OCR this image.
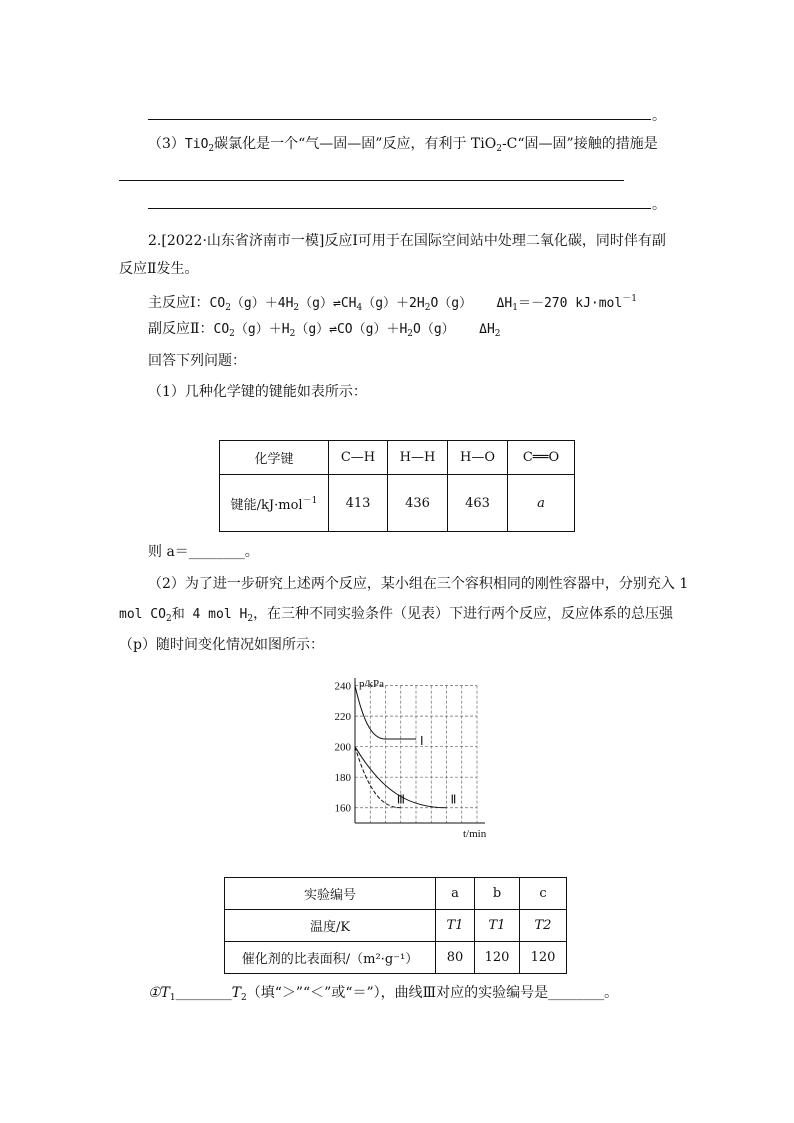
。
（3）TiO$_2$碳氯化是一个“气—固—固”反应，有利于 TiO$_2$-C“固—固”接触的措施是
。
2.[2022·山东省济南市一模]反应Ⅰ可用于在国际空间站中处理二氧化碳，同时伴有副
反应Ⅱ发生。
主反应Ⅰ：$CO_2(g)+4H_2(g)\rightleftharpoons CH_4(g)+2H_2O(g)$ $\Delta H_1=-270$ kJ·mol$^{-1}$
副反应Ⅱ：$CO_2(g)+H_2(g)\rightleftharpoons CO(g)+H_2O(g)$ $\Delta H_2$
回答下列问题：
（1）几种化学键的键能如表所示：
化学键	C—H	H—H	H—O	C══O
键能/kJ·mol$^{-1}$	413	436	463	a
则 a＝________。
（2）为了进一步研究上述两个反应，某小组在三个容积相同的刚性容器中，分别充入 1
mol $CO_2$和 4 mol $H_2$，在三种不同实验条件（见表）下进行两个反应，反应体系的总压强
（p）随时间变化情况如图所示：
240
220
200
180
160
p/kPa
t/min
Ⅰ
Ⅱ
Ⅲ
实验编号	a	b	c
温度/K	T1	T1	T2
催化剂的比表面积/（m²·g⁻¹）	80	120	120
$①T_1\_\_\_\_\_\_\_\_T_2$（填“＞”“＜”或“＝”），曲线Ⅲ对应的实验编号是________。
